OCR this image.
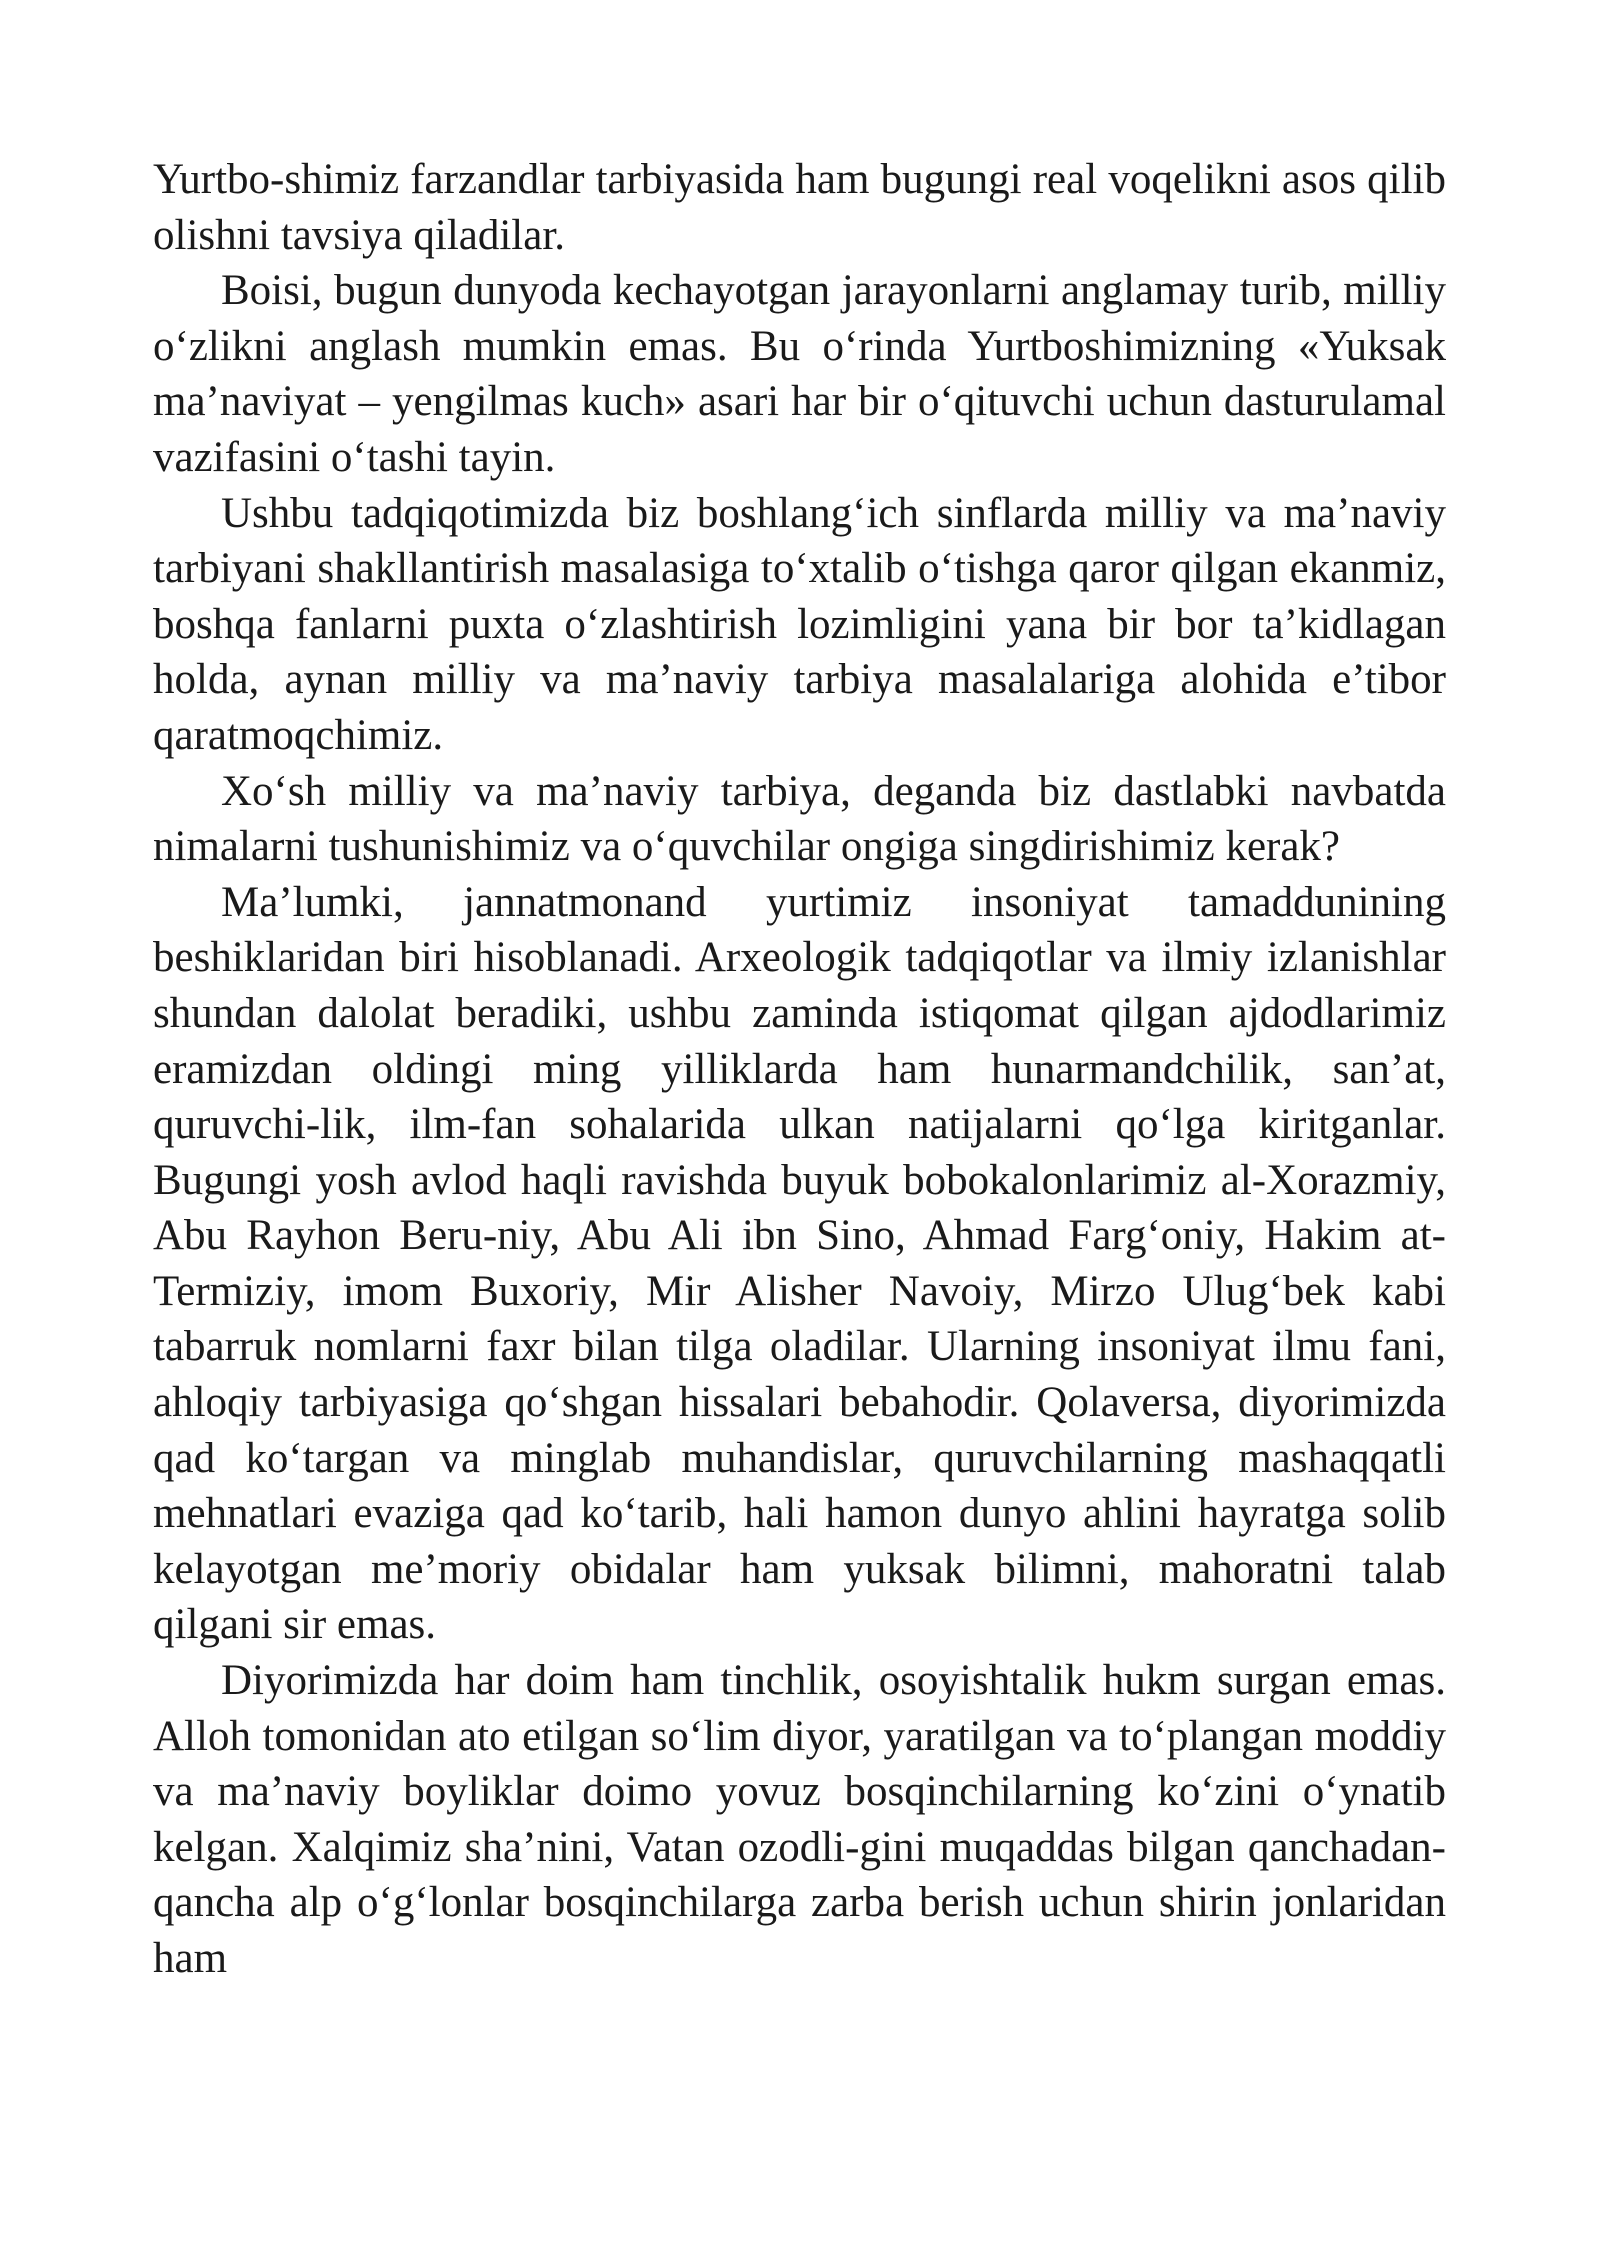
Yurtbo-shimiz farzandlar tarbiyasida ham bugungi real voqelikni asos qilib olishni tavsiya qiladilar.

Boisi, bugun dunyoda kechayotgan jarayonlarni anglamay turib, milliy o‘zlikni anglash mumkin emas. Bu o‘rinda Yurtboshimizning «Yuksak ma’naviyat – yengilmas kuch» asari har bir o‘qituvchi uchun dasturulamal vazifasini o‘tashi tayin.

Ushbu tadqiqotimizda biz boshlang‘ich sinflarda milliy va ma’naviy tarbiyani shakllantirish masalasiga to‘xtalib o‘tishga qaror qilgan ekanmiz, boshqa fanlarni puxta o‘zlashtirish lozimligini yana bir bor ta’kidlagan holda, aynan milliy va ma’naviy tarbiya masalalariga alohida e’tibor qaratmoqchimiz.

Xo‘sh milliy va ma’naviy tarbiya, deganda biz dastlabki navbatda nimalarni tushunishimiz va o‘quvchilar ongiga singdirishimiz kerak?

Ma’lumki, jannatmonand yurtimiz insoniyat tamaddunining beshiklaridan biri hisoblanadi. Arxeologik tadqiqotlar va ilmiy izlanishlar shundan dalolat beradiki, ushbu zaminda istiqomat qilgan ajdodlarimiz eramizdan oldingi ming yilliklarda ham hunarmandchilik, san’at, quruvchi-lik, ilm-fan sohalarida ulkan natijalarni qo‘lga kiritganlar. Bugungi yosh avlod haqli ravishda buyuk bobokalonlarimiz al-Xorazmiy, Abu Rayhon Beru-niy, Abu Ali ibn Sino, Ahmad Farg‘oniy, Hakim at-Termiziy, imom Buxoriy, Mir Alisher Navoiy, Mirzo Ulug‘bek kabi tabarruk nomlarni faxr bilan tilga oladilar. Ularning insoniyat ilmu fani, ahloqiy tarbiyasiga qo‘shgan hissalari bebahodir. Qolaversa, diyorimizda qad ko‘targan va minglab muhandislar, quruvchilarning mashaqqatli mehnatlari evaziga qad ko‘tarib, hali hamon dunyo ahlini hayratga solib kelayotgan me’moriy obidalar ham yuksak bilimni, mahoratni talab qilgani sir emas.

Diyorimizda har doim ham tinchlik, osoyishtalik hukm surgan emas. Alloh tomonidan ato etilgan so‘lim diyor, yaratilgan va to‘plangan moddiy va ma’naviy boyliklar doimo yovuz bosqinchilarning ko‘zini o‘ynatib kelgan. Xalqimiz sha’nini, Vatan ozodli-gini muqaddas bilgan qanchadan-qancha alp o‘g‘lonlar bosqinchilarga zarba berish uchun shirin jonlaridan ham
